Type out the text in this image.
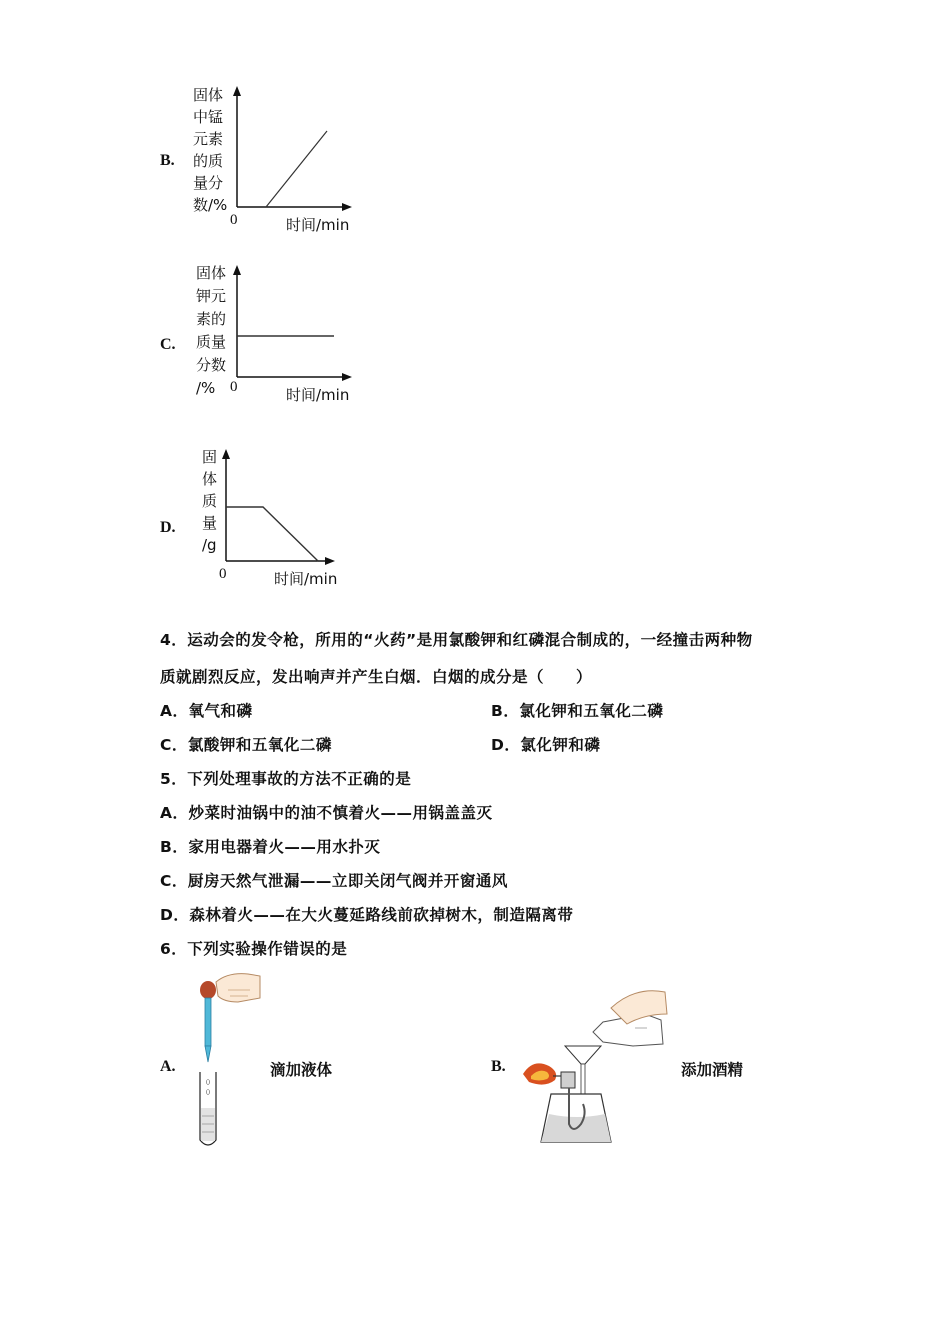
B.
固体
中锰
元素
的质
量分
数/%
0	时间/min
C.
固体
钾元
素的
质量
分数
/% 0	时间/min
D.
固
体
质
量
/g
0	时间/min
4．运动会的发令枪，所用的“火药”是用氯酸钾和红磷混合制成的，一经撞击两种物
质就剧烈反应，发出响声并产生白烟．白烟的成分是（　　）
A．氧气和磷	B．氯化钾和五氧化二磷
C．氯酸钾和五氧化二磷	D．氯化钾和磷
5．下列处理事故的方法不正确的是
A．炒菜时油锅中的油不慎着火——用锅盖盖灭
B．家用电器着火——用水扑灭
C．厨房天然气泄漏——立即关闭气阀并开窗通风
D．森林着火——在大火蔓延路线前砍掉树木，制造隔离带
6．下列实验操作错误的是
A.	滴加液体	B.	添加酒精
